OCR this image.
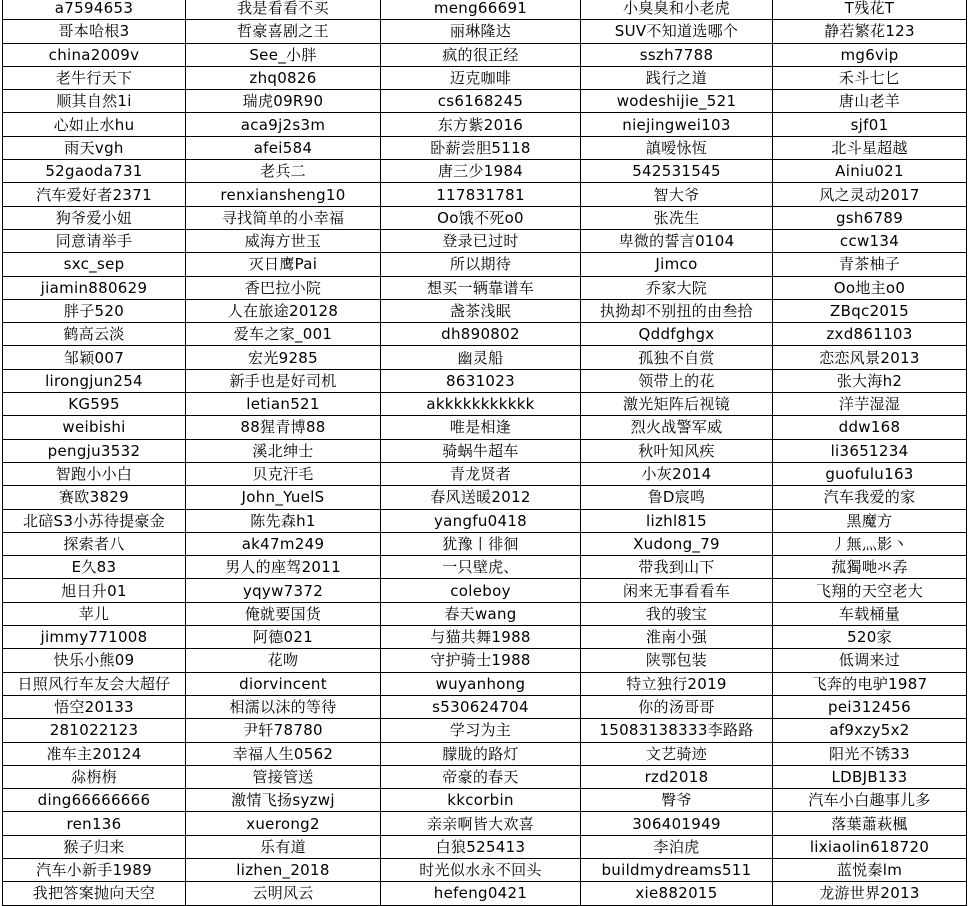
a7594653	我是看看不买	meng66691	小臭臭和小老虎	T残花T
哥本哈根3	哲豪喜剧之王	丽琳隆达	SUV不知道选哪个	静若繁花123
china2009v	See_小胖	疯的很正经	sszh7788	mg6vip
老牛行天下	zhq0826	迈克咖啡	践行之道	禾斗七匕
顺其自然1i	瑞虎09R90	cs6168245	wodeshijie_521	唐山老羊
心如止水hu	aca9j2s3m	东方紫2016	niejingwei103	sjf01
雨天vgh	afei584	卧薪尝胆5118	謓嗳怺恆	北斗星超越
52gaoda731	老兵二	唐三少1984	542531545	Ainiu021
汽车爱好者2371	renxiansheng10	117831781	智大爷	风之灵动2017
狗爷爱小妞	寻找简单的小幸福	Oo饿不死o0	张冼生	gsh6789
同意请举手	威海方世玉	登录已过时	卑微的誓言0104	ccw134
sxc_sep	灭日鹰Pai	所以期待	Jimco	青茶柚子
jiamin880629	香巴拉小院	想买一辆靠谱车	乔家大院	Oo地主o0
胖子520	人在旅途20128	盏茶浅眠	执拗却不别扭的由叁拾	ZBqc2015
鹤高云淡	爱车之家_001	dh890802	Qddfghgx	zxd861103
邹颖007	宏光9285	幽灵船	孤独不自赏	恋恋风景2013
lirongjun254	新手也是好司机	8631023	领带上的花	张大海h2
KG595	letian521	akkkkkkkkkkk	激光矩阵后视镜	洋芋湿湿
weibishi	88猩青博88	唯是相逢	烈火战警军威	ddw168
pengju3532	溪北绅士	骑蜗牛超车	秋叶知风疾	li3651234
智跑小小白	贝克汗毛	青龙贤者	小灰2014	guofulu163
赛欧3829	John_YuelS	春风送暖2012	鲁D宸鸣	汽车我爱的家
北碚S3小苏待提豪金	陈先森h1	yangfu0418	lizhl815	黑魔方
探索者八	ak47m249	犹豫丨徘徊	Xudong_79	丿無灬影丶
E久83	男人的座驾2011	一只壁虎、	带我到山下	菰獨哋氺孨
旭日升01	yqyw7372	coleboy	闲来无事看看车	飞翔的天空老大
苹儿	俺就要国货	春天wang	我的骏宝	车载桶量
jimmy771008	阿德021	与猫共舞1988	淮南小强	520家
快乐小熊09	花吻	守护骑士1988	陕鄂包装	低调来过
日照风行车友会大超仔	diorvincent	wuyanhong	特立独行2019	飞奔的电驴1987
悟空20133	相濡以沫的等待	s530624704	你的汤哥哥	pei312456
281022123	尹轩78780	学习为主	15083138333李路路	af9xzy5x2
准车主20124	幸福人生0562	朦胧的路灯	文艺骑迹	阳光不锈33
尛栴栴	管接管送	帝豪的春天	rzd2018	LDBJB133
ding66666666	激情飞扬syzwj	kkcorbin	臀爷	汽车小白趣事儿多
ren136	xuerong2	亲亲啊皆大欢喜	306401949	落葉蕭萩楓
猴子归来	乐有道	白狼525413	李泊虎	lixiaolin618720
汽车小新手1989	lizhen_2018	时光似水永不回头	buildmydreams511	蓝悦秦lm
我把答案抛向天空	云明风云	hefeng0421	xie882015	龙游世界2013
